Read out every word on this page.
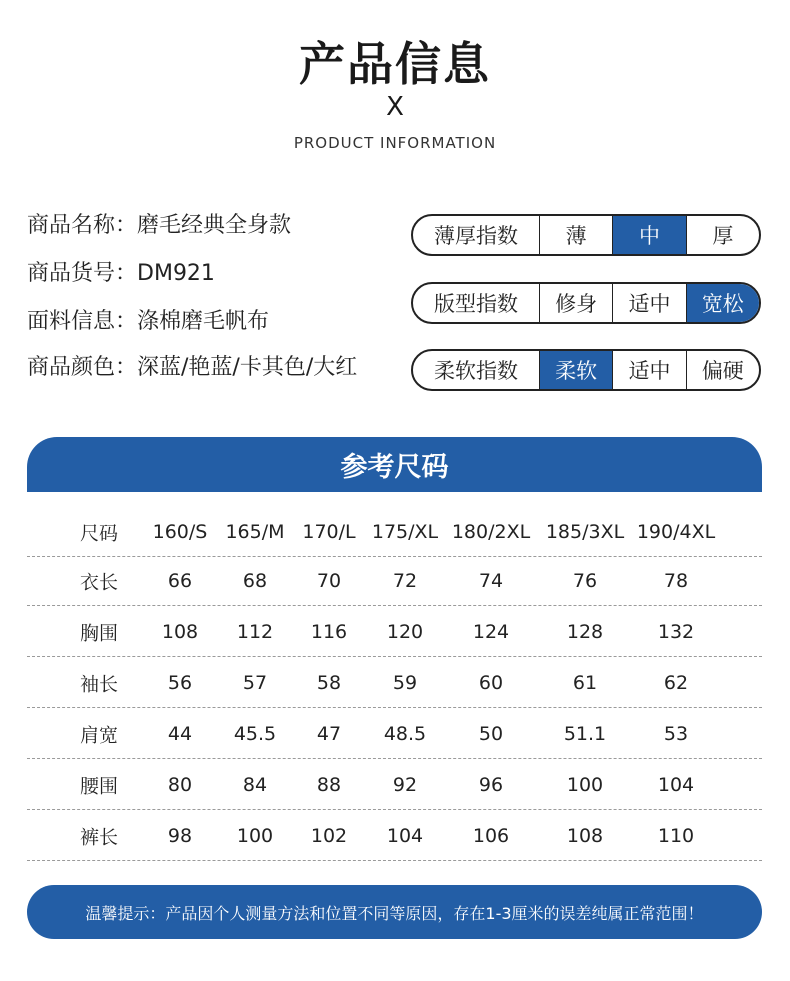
产品信息
X
PRODUCT INFORMATION
商品名称：磨毛经典全身款
商品货号：DM921
面料信息：涤棉磨毛帆布
商品颜色：深蓝/艳蓝/卡其色/大红
薄厚指数	薄	中	厚
版型指数	修身	适中	宽松
柔软指数	柔软	适中	偏硬
参考尺码
尺码 160/S 165/M 170/L 175/XL 180/2XL 185/3XL 190/4XL
衣长	66	68	70	72	74	76	78
胸围 108 112 116 120	124	128	132
袖长	56	57	58	59	60	61	62
肩宽	44 45.5 47 48.5	50	51.1	53
腰围	80	84	88	92	96	100	104
裤长	98 100 102 104	106	108	110
温馨提示：产品因个人测量方法和位置不同等原因，存在1-3厘米的误差纯属正常范围！
